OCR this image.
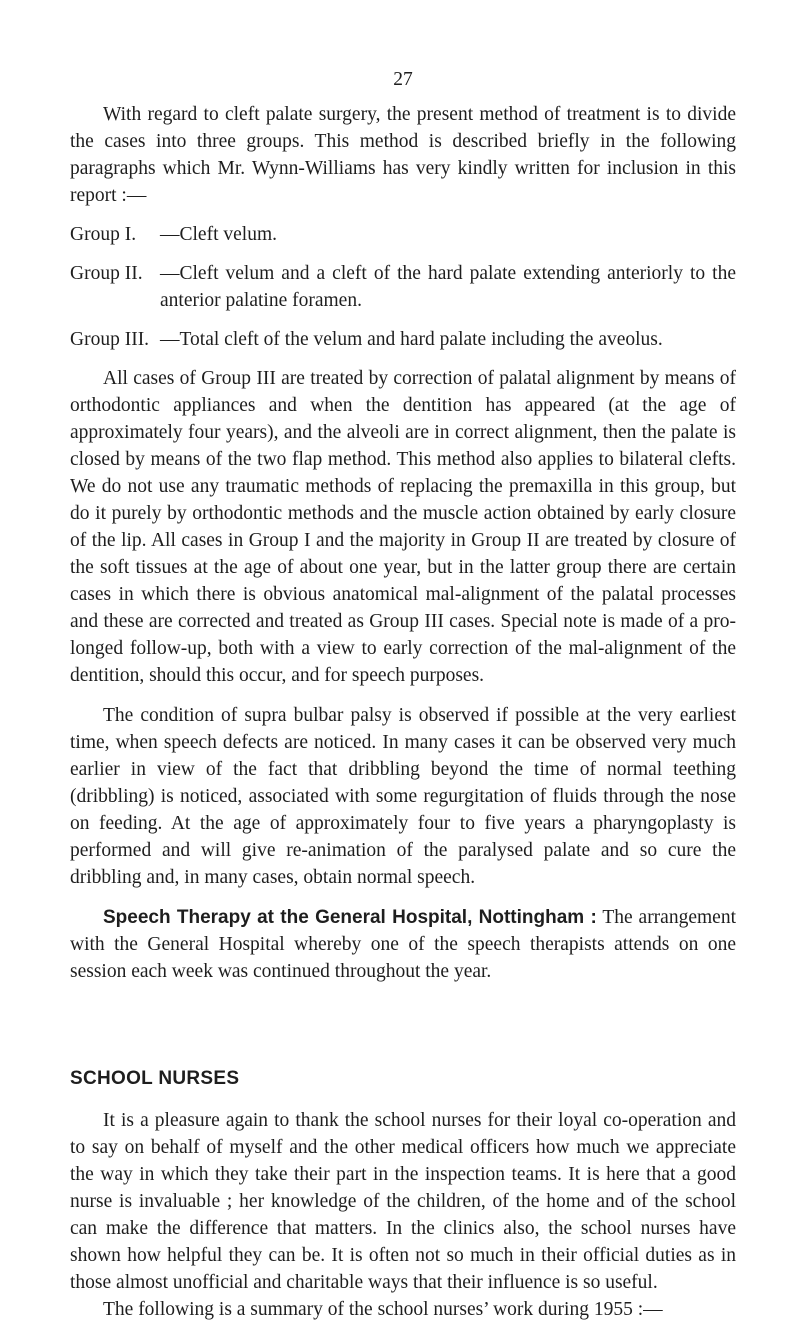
27

With regard to cleft palate surgery, the present method of treatment is to divide the cases into three groups. This method is described briefly in the following paragraphs which Mr. Wynn-Williams has very kindly written for inclusion in this report :—

Group I.	—Cleft velum.
Group II. —Cleft velum and a cleft of the hard palate extending anteriorly to the anterior palatine foramen.
Group III. —Total cleft of the velum and hard palate including the aveolus.

All cases of Group III are treated by correction of palatal alignment by means of orthodontic appliances and when the dentition has appeared (at the age of approximately four years), and the alveoli are in correct alignment, then the palate is closed by means of the two flap method. This method also applies to bilateral clefts. We do not use any traumatic methods of replacing the premaxilla in this group, but do it purely by orthodontic methods and the muscle action obtained by early closure of the lip. All cases in Group I and the majority in Group II are treated by closure of the soft tissues at the age of about one year, but in the latter group there are certain cases in which there is obvious anatomical mal-alignment of the palatal processes and these are corrected and treated as Group III cases. Special note is made of a pro-longed follow-up, both with a view to early correction of the mal-alignment of the dentition, should this occur, and for speech purposes.

The condition of supra bulbar palsy is observed if possible at the very earliest time, when speech defects are noticed. In many cases it can be observed very much earlier in view of the fact that dribbling beyond the time of normal teething (dribbling) is noticed, associated with some regurgitation of fluids through the nose on feeding. At the age of approximately four to five years a pharyngoplasty is performed and will give re-animation of the paralysed palate and so cure the dribbling and, in many cases, obtain normal speech.

Speech Therapy at the General Hospital, Nottingham : The arrangement with the General Hospital whereby one of the speech therapists attends on one session each week was continued throughout the year.

SCHOOL NURSES

It is a pleasure again to thank the school nurses for their loyal co-operation and to say on behalf of myself and the other medical officers how much we appreciate the way in which they take their part in the inspection teams. It is here that a good nurse is invaluable ; her knowledge of the children, of the home and of the school can make the difference that matters. In the clinics also, the school nurses have shown how helpful they can be. It is often not so much in their official duties as in those almost unofficial and charitable ways that their influence is so useful.

The following is a summary of the school nurses’ work during 1955 :—
